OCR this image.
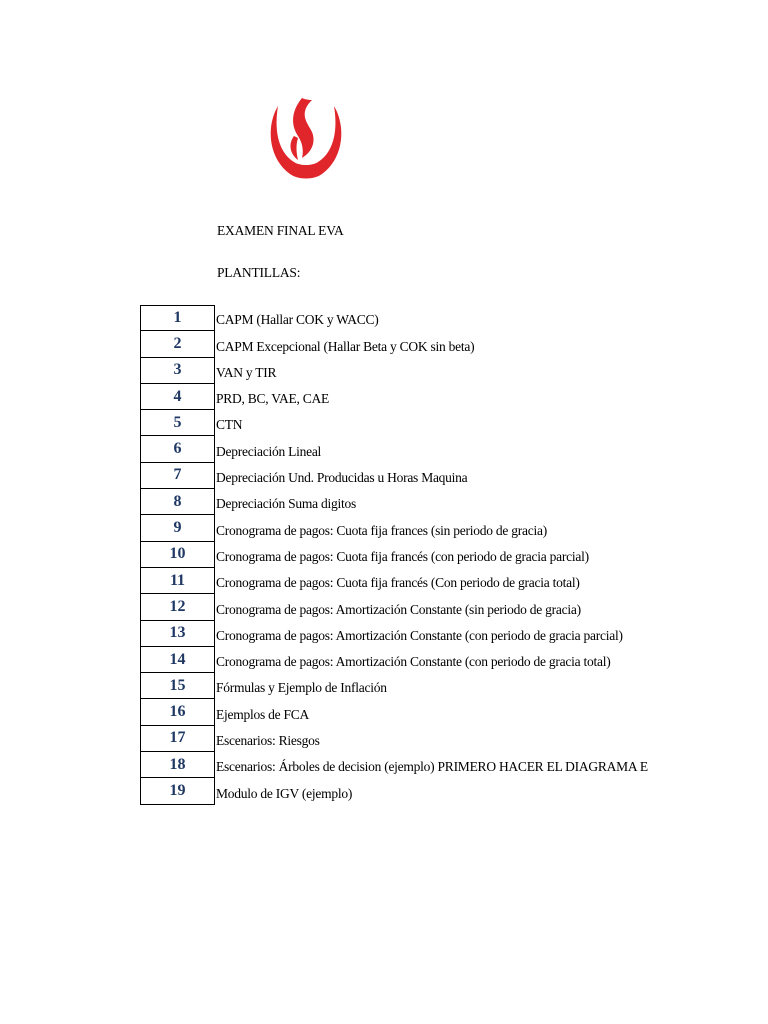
EXAMEN FINAL EVA
PLANTILLAS:
1	CAPM (Hallar COK y WACC)
2	CAPM Excepcional (Hallar Beta y COK sin beta)
3	VAN y TIR
4	PRD, BC, VAE, CAE
5	CTN
6	Depreciación Lineal
7	Depreciación Und. Producidas u Horas Maquina
8	Depreciación Suma digitos
9	Cronograma de pagos: Cuota fija frances (sin periodo de gracia)
10	Cronograma de pagos: Cuota fija francés (con periodo de gracia parcial)
11	Cronograma de pagos: Cuota fija francés (Con periodo de gracia total)
12	Cronograma de pagos: Amortización Constante (sin periodo de gracia)
13	Cronograma de pagos: Amortización Constante (con periodo de gracia parcial)
14	Cronograma de pagos: Amortización Constante (con periodo de gracia total)
15	Fórmulas y Ejemplo de Inflación
16	Ejemplos de FCA
17	Escenarios: Riesgos
18	Escenarios: Árboles de decision (ejemplo) PRIMERO HACER EL DIAGRAMA E
19	Modulo de IGV (ejemplo)
